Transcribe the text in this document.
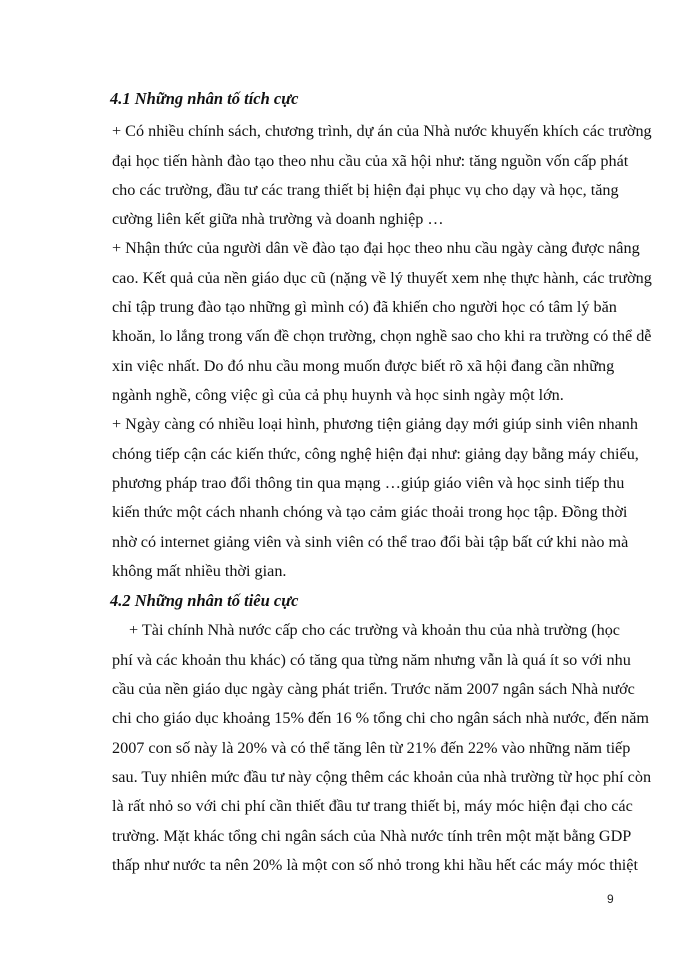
4.1 Những nhân tố tích cực
+ Có nhiều chính sách, chương trình, dự án của Nhà nước khuyến khích các trường
đại học tiến hành đào tạo theo nhu cầu của xã hội như: tăng nguồn vốn cấp phát
cho các trường, đầu tư các trang thiết bị hiện đại phục vụ cho dạy và học, tăng
cường liên kết giữa nhà trường và doanh nghiệp …
+ Nhận thức của người dân về đào tạo đại học theo nhu cầu ngày càng được nâng
cao. Kết quả của nền giáo dục cũ (nặng về lý thuyết xem nhẹ thực hành, các trường
chỉ tập trung đào tạo những gì mình có) đã khiến cho người học có tâm lý băn
khoăn, lo lắng trong vấn đề chọn trường, chọn nghề sao cho khi ra trường có thể dễ
xin việc nhất. Do đó nhu cầu mong muốn được biết rõ xã hội đang cần những
ngành nghề, công việc gì của cả phụ huynh và học sinh ngày một lớn.
+ Ngày càng có nhiều loại hình, phương tiện giảng dạy mới giúp sinh viên nhanh
chóng tiếp cận các kiến thức, công nghệ hiện đại như: giảng dạy bằng máy chiếu,
phương pháp trao đổi thông tin qua mạng …giúp giáo viên và học sinh tiếp thu
kiến thức một cách nhanh chóng và tạo cảm giác thoải trong học tập. Đồng thời
nhờ có internet giảng viên và sinh viên có thể trao đổi bài tập bất cứ khi nào mà
không mất nhiều thời gian.
4.2 Những nhân tố tiêu cực
+ Tài chính Nhà nước cấp cho các trường và khoản thu của nhà trường (học
phí và các khoản thu khác) có tăng qua từng năm nhưng vẫn là quá ít so với nhu
cầu của nền giáo dục ngày càng phát triển. Trước năm 2007 ngân sách Nhà nước
chi cho giáo dục khoảng 15% đến 16 % tổng chi cho ngân sách nhà nước, đến năm
2007 con số này là 20% và có thể tăng lên từ 21% đến 22% vào những năm tiếp
sau. Tuy nhiên mức đầu tư này cộng thêm các khoản của nhà trường từ học phí còn
là rất nhỏ so với chi phí cần thiết đầu tư trang thiết bị, máy móc hiện đại cho các
trường. Mặt khác tổng chi ngân sách của Nhà nước tính trên một mặt bằng GDP
thấp như nước ta nên 20% là một con số nhỏ trong khi hầu hết các máy móc thiệt
9
